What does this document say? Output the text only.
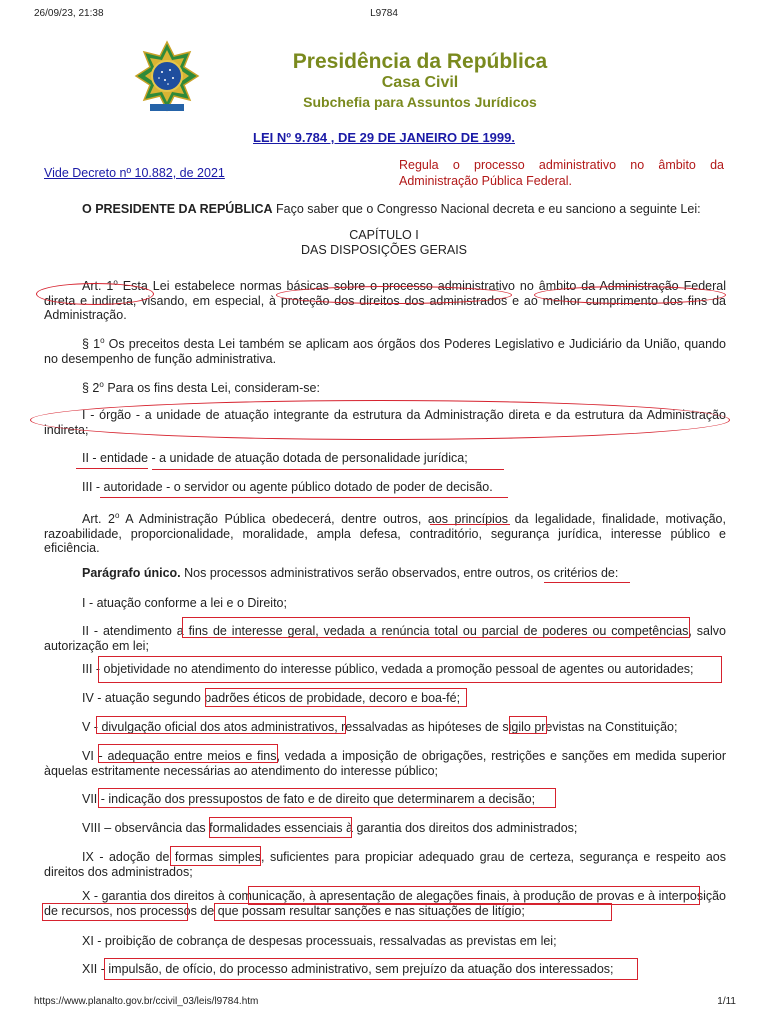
26/09/23, 21:38	L9784
Presidência da República
Casa Civil
Subchefia para Assuntos Jurídicos
LEI Nº 9.784 , DE 29 DE JANEIRO DE 1999.
Vide Decreto nº 10.882, de 2021
Regula o processo administrativo no âmbito da Administração Pública Federal.
O PRESIDENTE DA REPÚBLICA Faço saber que o Congresso Nacional decreta e eu sanciono a seguinte Lei:
CAPÍTULO I
DAS DISPOSIÇÕES GERAIS
Art. 1$^o$ Esta Lei estabelece normas básicas sobre o processo administrativo no âmbito da Administração Federal direta e indireta, visando, em especial, à proteção dos direitos dos administrados e ao melhor cumprimento dos fins da Administração.
§ 1$^o$ Os preceitos desta Lei também se aplicam aos órgãos dos Poderes Legislativo e Judiciário da União, quando no desempenho de função administrativa.
§ 2$^o$ Para os fins desta Lei, consideram-se:
I - órgão - a unidade de atuação integrante da estrutura da Administração direta e da estrutura da Administração indireta;
II - entidade - a unidade de atuação dotada de personalidade jurídica;
III - autoridade - o servidor ou agente público dotado de poder de decisão.
Art. 2$^o$ A Administração Pública obedecerá, dentre outros, aos princípios da legalidade, finalidade, motivação, razoabilidade, proporcionalidade, moralidade, ampla defesa, contraditório, segurança jurídica, interesse público e eficiência.
Parágrafo único. Nos processos administrativos serão observados, entre outros, os critérios de:
I - atuação conforme a lei e o Direito;
II - atendimento a fins de interesse geral, vedada a renúncia total ou parcial de poderes ou competências, salvo autorização em lei;
III - objetividade no atendimento do interesse público, vedada a promoção pessoal de agentes ou autoridades;
IV - atuação segundo padrões éticos de probidade, decoro e boa-fé;
V - divulgação oficial dos atos administrativos, ressalvadas as hipóteses de sigilo previstas na Constituição;
VI - adequação entre meios e fins, vedada a imposição de obrigações, restrições e sanções em medida superior àquelas estritamente necessárias ao atendimento do interesse público;
VII - indicação dos pressupostos de fato e de direito que determinarem a decisão;
VIII – observância das formalidades essenciais à garantia dos direitos dos administrados;
IX - adoção de formas simples, suficientes para propiciar adequado grau de certeza, segurança e respeito aos direitos dos administrados;
X - garantia dos direitos à comunicação, à apresentação de alegações finais, à produção de provas e à interposição de recursos, nos processos de que possam resultar sanções e nas situações de litígio;
XI - proibição de cobrança de despesas processuais, ressalvadas as previstas em lei;
XII - impulsão, de ofício, do processo administrativo, sem prejuízo da atuação dos interessados;
https://www.planalto.gov.br/ccivil_03/leis/l9784.htm	1/11
